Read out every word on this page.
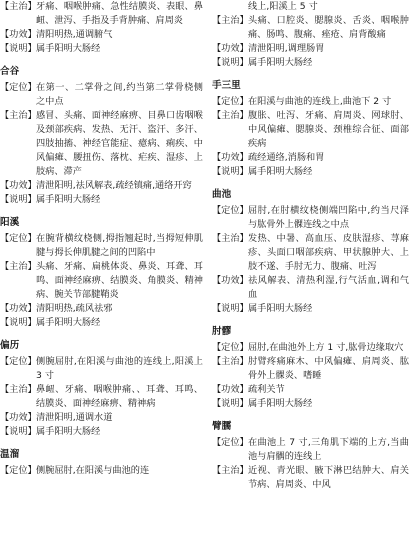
【主治】 牙痛、咽喉肿痛、急性结膜炎、表眼、鼻衄、泄泻、手指及手背肿痛、肩周炎
【功效】 清阳明热,通调腑气
【说明】 属手阳明大肠经
合谷
【定位】 在第一、二掌骨之间,约当第二掌骨桡侧之中点
【主治】 感冒、头痛、面神经麻痹、目鼻口齿咽喉及颈部疾病、发热、无汗、盗汗、多汗、四肢抽搐、神经官能症、癔病、痢疾、中风偏瘫、腰扭伤、落枕、疟疾、湿疹、上肢病、滞产
【功效】 清泄阳明,祛风解表,疏经镇痛,通络开窍
【说明】 属手阳明大肠经
阳溪
【定位】 在腕背横纹桡侧,拇指翘起时,当拇短伸肌腱与拇长伸肌腱之间的凹陷中
【主治】 头痛、牙痛、扁桃体炎、鼻炎、耳聋、耳鸣、面神经麻痹、结膜炎、角膜炎、精神病、腕关节部腱鞘炎
【功效】 清阳明热,疏风祛邪
【说明】 属手阳明大肠经
偏历
【定位】 侧腕屈肘,在阳溪与曲池的连线上,阳溪上 3 寸
【主治】 鼻衄、牙痛、咽喉肿痛、、耳聋、耳鸣、结膜炎、面神经麻痹、精神病
【功效】 清泄阳明,通调水道
【说明】 属手阳明大肠经
温溜
【定位】 侧腕屈肘,在阳溪与曲池的连
线上,阳溪上 5 寸
【主治】 头痛、口腔炎、腮腺炎、舌炎、咽喉肿痛、肠鸣、腹痛、痤疮、肩背酸痛
【功效】 清泄阳明,调理肠胃
【说明】 属手阳明大肠经
手三里
【定位】 在阳溪与曲池的连线上,曲池下 2 寸
【主治】 腹胀、吐泻、牙痛、肩周炎、网球肘、中风偏瘫、腮腺炎、颈椎综合征、面部疾病
【功效】 疏经通络,消肠和胃
【说明】 属手阳明大肠经
曲池
【定位】 屈肘,在肘横纹桡侧端凹陷中,约当尺泽与肱骨外上髁连线之中点
【主治】 发热、中暑、高血压、皮肤湿疹、荨麻疹、头面口咽部疾病、甲状腺肿大、上肢不遂、手肘无力、腹痛、吐泻
【功效】 祛风解表、清热利湿,行气活血,调和气血
【说明】 属手阳明大肠经
肘髎
【定位】 屈肘,在曲池外上方 1 寸,肱骨边缘取穴
【主治】 肘臂疼痛麻木、中风偏瘫、肩周炎、肱骨外上髁炎、嗜睡
【功效】 疏利关节
【说明】 属手阳明大肠经
臂臑
【定位】 在曲池上 7 寸,三角肌下端的上方,当曲池与肩髃的连线上
【主治】 近视、青光眼、腋下淋巴结肿大、肩关节病、肩周炎、中风
